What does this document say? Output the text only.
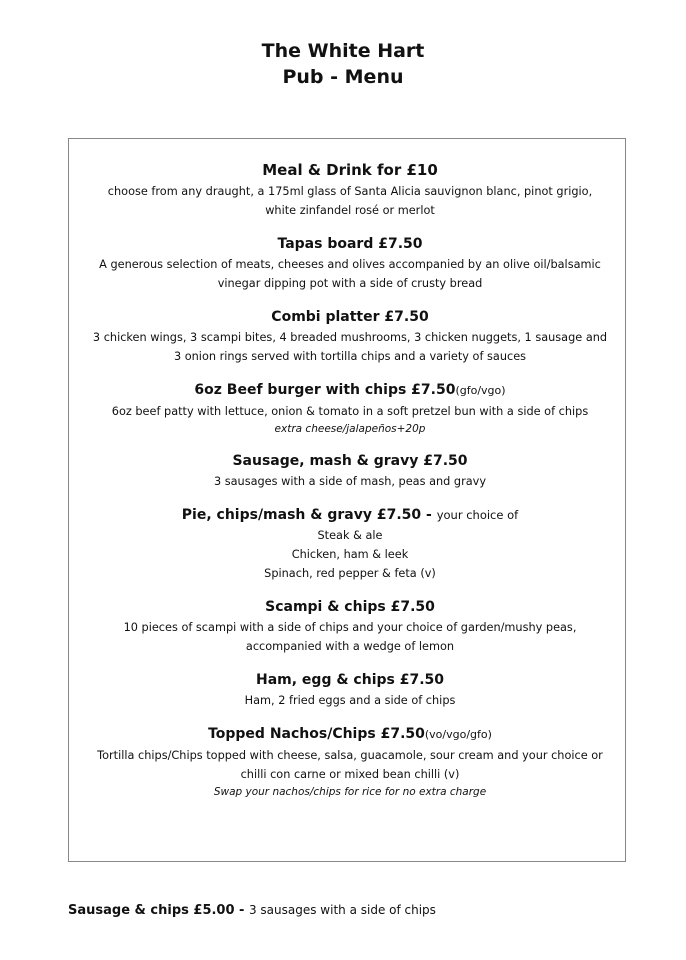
The White Hart
Pub - Menu
Meal & Drink for £10

choose from any draught, a 175ml glass of Santa Alicia sauvignon blanc, pinot grigio,

white zinfandel rosé or merlot

Tapas board £7.50

A generous selection of meats, cheeses and olives accompanied by an olive oil/balsamic

vinegar dipping pot with a side of crusty bread

Combi platter £7.50

3 chicken wings, 3 scampi bites, 4 breaded mushrooms, 3 chicken nuggets, 1 sausage and

3 onion rings served with tortilla chips and a variety of sauces

6oz Beef burger with chips £7.50(gfo/vgo)

6oz beef patty with lettuce, onion & tomato in a soft pretzel bun with a side of chips

extra cheese/jalapeños+20p

Sausage, mash & gravy £7.50

3 sausages with a side of mash, peas and gravy

Pie, chips/mash & gravy £7.50 - your choice of

Steak & ale

Chicken, ham & leek

Spinach, red pepper & feta (v)

Scampi & chips £7.50

10 pieces of scampi with a side of chips and your choice of garden/mushy peas,

accompanied with a wedge of lemon

Ham, egg & chips £7.50

Ham, 2 fried eggs and a side of chips

Topped Nachos/Chips £7.50(vo/vgo/gfo)

Tortilla chips/Chips topped with cheese, salsa, guacamole, sour cream and your choice or

chilli con carne or mixed bean chilli (v)

Swap your nachos/chips for rice for no extra charge

Sausage & chips £5.00 - 3 sausages with a side of chips
